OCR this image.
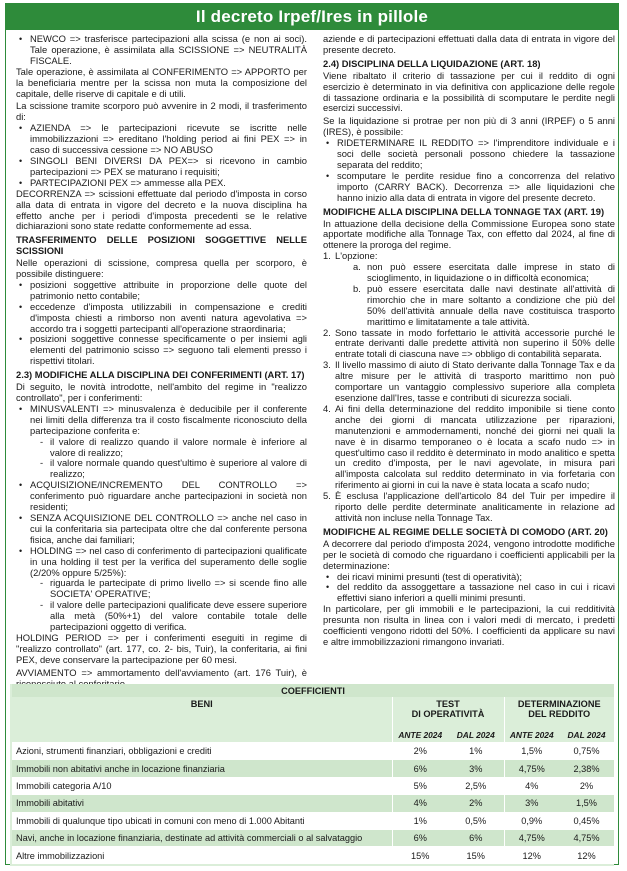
Il decreto Irpef/Ires in pillole
• NEWCO => trasferisce partecipazioni alla scissa (e non ai soci). Tale operazione, è assimilata alla SCISSIONE => NEUTRALITÀ FISCALE.

Tale operazione, è assimilata al CONFERIMENTO => APPORTO per la beneficiaria mentre per la scissa non muta la composizione del capitale, delle riserve di capitale e di utili.

La scissione tramite scorporo può avvenire in 2 modi, il trasferimento di:

• AZIENDA => le partecipazioni ricevute se iscritte nelle immobilizzazioni => ereditano l'holding period ai fini PEX => in caso di successiva cessione => NO ABUSO
• SINGOLI BENI DIVERSI DA PEX=> si ricevono in cambio partecipazioni => PEX se maturano i requisiti;
• PARTECIPAZIONI PEX => ammesse alla PEX.

DECORRENZA => scissioni effettuate dal periodo d'imposta in corso alla data di entrata in vigore del decreto e la nuova disciplina ha effetto anche per i periodi d'imposta precedenti se le relative dichiarazioni sono state redatte conformemente ad essa.

TRASFERIMENTO DELLE POSIZIONI SOGGETTIVE NELLE SCISSIONI

Nelle operazioni di scissione, compresa quella per scorporo, è possibile distinguere:

• posizioni soggettive attribuite in proporzione delle quote del patrimonio netto contabile;
• eccedenze d'imposta utilizzabili in compensazione e crediti d'imposta chiesti a rimborso non aventi natura agevolativa => accordo tra i soggetti partecipanti all'operazione straordinaria;
• posizioni soggettive connesse specificamente o per insiemi agli elementi del patrimonio scisso => seguono tali elementi presso i rispettivi titolari.
2.3) MODIFICHE ALLA DISCIPLINA DEI CONFERIMENTI (ART. 17)

Di seguito, le novità introdotte, nell'ambito del regime in "realizzo controllato", per i conferimenti:

• MINUSVALENTI => minusvalenza è deducibile per il conferente nei limiti della differenza tra il costo fiscalmente riconosciuto della partecipazione conferita e:
- il valore di realizzo quando il valore normale è inferiore al valore di realizzo;
- il valore normale quando quest'ultimo è superiore al valore di realizzo;
• ACQUISIZIONE/INCREMENTO DEL CONTROLLO => conferimento può riguardare anche partecipazioni in società non residenti;
• SENZA ACQUISIZIONE DEL CONTROLLO => anche nel caso in cui la conferitaria sia partecipata oltre che dal conferente persona fisica, anche dai familiari;
• HOLDING => nel caso di conferimento di partecipazioni qualificate in una holding il test per la verifica del superamento delle soglie (2/20% oppure 5/25%):
- riguarda le partecipate di primo livello => si scende fino alle SOCIETA' OPERATIVE;
- il valore delle partecipazioni qualificate deve essere superiore alla metà (50%+1) del valore contabile totale delle partecipazioni oggetto di verifica.

HOLDING PERIOD => per i conferimenti eseguiti in regime di "realizzo controllato" (art. 177, co. 2- bis, Tuir), la conferitaria, ai fini PEX, deve conservare la partecipazione per 60 mesi.

AVVIAMENTO => ammortamento dell'avviamento (art. 176 Tuir), è

aziende e di partecipazioni effettuati dalla data di entrata in vigore del presente decreto.

2.4) DISCIPLINA DELLA LIQUIDAZIONE (ART. 18)

Viene ribaltato il criterio di tassazione per cui il reddito di ogni esercizio è determinato in via definitiva con applicazione delle regole di tassazione ordinaria e la possibilità di scomputare le perdite negli esercizi successivi.

Se la liquidazione si protrae per non più di 3 anni (IRPEF) o 5 anni (IRES), è possibile:

• RIDETERMINARE IL REDDITO => l'imprenditore individuale e i soci delle società personali possono chiedere la tassazione separata del reddito;
• scomputare le perdite residue fino a concorrenza del relativo importo (CARRY BACK). Decorrenza => alle liquidazioni che hanno inizio alla data di entrata in vigore del presente decreto.
MODIFICHE ALLA DISCIPLINA DELLA TONNAGE TAX (ART. 19)

In attuazione della decisione della Commissione Europea sono state apportate modifiche alla Tonnage Tax, con effetto dal 2024, al fine di ottenere la proroga del regime.

1. L'opzione:
a. non può essere esercitata dalle imprese in stato di scioglimento, in liquidazione o in difficoltà economica;
b. può essere esercitata dalle navi destinate all'attività di rimorchio che in mare soltanto a condizione che più del 50% dell'attività annuale della nave costituisca trasporto marittimo e limitatamente a tale attività.
2. Sono tassate in modo forfettario le attività accessorie purché le entrate derivanti dalle predette attività non superino il 50% delle entrate totali di ciascuna nave => obbligo di contabilità separata.
3. Il livello massimo di aiuto di Stato derivante dalla Tonnage Tax e da altre misure per le attività di trasporto marittimo non può comportare un vantaggio complessivo superiore alla completa esenzione dall'Ires, tasse e contributi di sicurezza sociali.
4. Ai fini della determinazione del reddito imponibile si tiene conto anche dei giorni di mancata utilizzazione per riparazioni, manutenzioni e ammodernamenti, nonché dei giorni nei quali la nave è in disarmo temporaneo o è locata a scafo nudo => in quest'ultimo caso il reddito è determinato in modo analitico e spetta un credito d'imposta, per le navi agevolate, in misura pari all'imposta calcolata sul reddito determinato in via forfetaria con riferimento ai giorni in cui la nave è stata locata a scafo nudo;
5. È esclusa l'applicazione dell'articolo 84 del Tuir per impedire il riporto delle perdite determinate analiticamente in relazione ad attività non incluse nella Tonnage Tax.
MODIFICHE AL REGIME DELLE SOCIETÀ DI COMODO (ART. 20)

A decorrere dal periodo d'imposta 2024, vengono introdotte modifiche per le società di comodo che riguardano i coefficienti applicabili per la determinazione:

• dei ricavi minimi presunti (test di operatività);
• del reddito da assoggettare a tassazione nel caso in cui i ricavi effettivi siano inferiori a quelli minimi presunti.

In particolare, per gli immobili e le partecipazioni, la cui redditività presunta non risulta in linea con i valori medi di mercato, i predetti coefficienti vengono ridotti del 50%. I coefficienti da applicare su navi e altre immobilizzazioni rimangono invariati.

COEFFICIENTI				
BENI	TEST
DI OPERATIVITÀ		DETERMINAZIONE
DEL REDDITO	
	ANTE 2024	DAL 2024	ANTE 2024	DAL 2024
Azioni, strumenti finanziari, obbligazioni e crediti	2%	1%	1,5%	0,75%
Immobili non abitativi anche in locazione finanziaria	6%	3%	4,75%	2,38%
Immobili categoria A/10	5%	2,5%	4%	2%
Immobili abitativi	4%	2%	3%	1,5%
Immobili di qualunque tipo ubicati in comuni con meno di 1.000 Abitanti	1%	0,5%	0,9%	0,45%
Navi, anche in locazione finanziaria, destinate ad attività commerciali o al salvataggio	6%	6%	4,75%	4,75%
Altre immobilizzazioni	15%	15%	12%	12%
